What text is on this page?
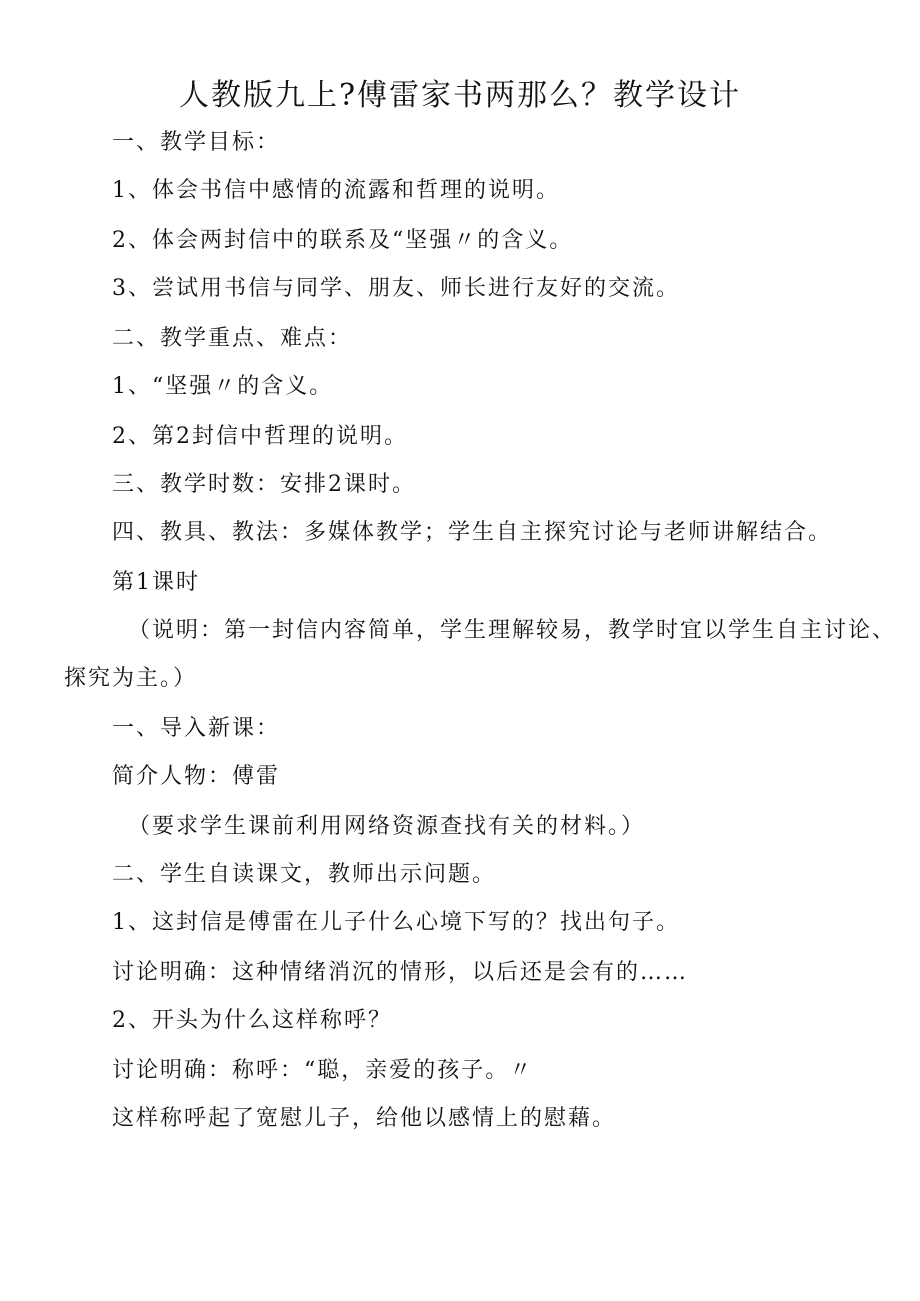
人教版九上?傅雷家书两那么？教学设计
一、教学目标：
1、体会书信中感情的流露和哲理的说明。
2、体会两封信中的联系及“坚强〃的含义。
3、尝试用书信与同学、朋友、师长进行友好的交流。
二、教学重点、难点：
1、“坚强〃的含义。
2、第2封信中哲理的说明。
三、教学时数：安排2课时。
四、教具、教法：多媒体教学；学生自主探究讨论与老师讲解结合。
第1课时
（说明：第一封信内容简单，学生理解较易，教学时宜以学生自主讨论、
探究为主。）
一、导入新课：
简介人物：傅雷
（要求学生课前利用网络资源查找有关的材料。）
二、学生自读课文，教师出示问题。
1、这封信是傅雷在儿子什么心境下写的？找出句子。
讨论明确：这种情绪消沉的情形，以后还是会有的……
2、开头为什么这样称呼？
讨论明确：称呼：“聪，亲爱的孩子。〃
这样称呼起了宽慰儿子，给他以感情上的慰藉。
